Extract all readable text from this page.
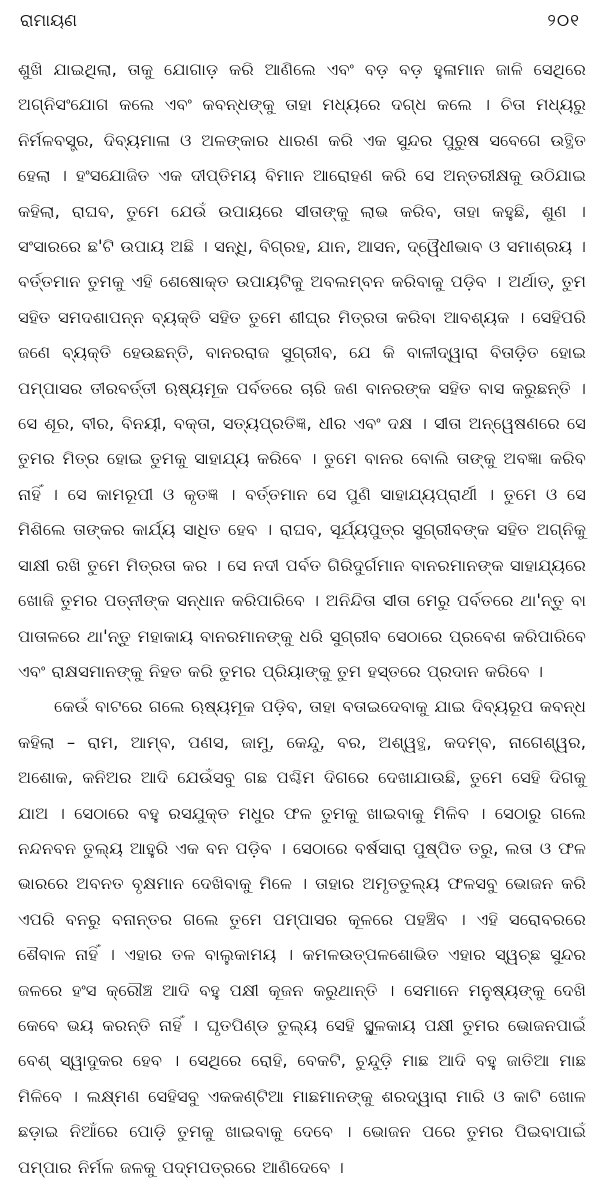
ରାମାୟଣ	୨୦୧

ଶୁଖି ଯାଇଥିଲା, ତାକୁ ଯୋଗାଡ଼ କରି ଆଣିଲେ ଏବଂ ବଡ଼ ବଡ଼ ହୁଳାମାନ ଜାଳି ସେଥିରେ ଅଗ୍ନିସଂଯୋଗ କଲେ ଏବଂ କବନ୍ଧଙ୍କୁ ତାହା ମଧ୍ୟରେ ଦଗ୍ଧ କଲେ । ଚିତା ମଧ୍ୟରୁ ନିର୍ମଳବସ୍ତ୍ର, ଦିବ୍ୟମାଳା ଓ ଅଳଙ୍କାର ଧାରଣ କରି ଏକ ସୁନ୍ଦର ପୁରୁଷ ସବେଗେ ଉତ୍ଥିତ ହେଲା । ହଂସଯୋଜିତ ଏକ ଦୀପ୍ତିମୟ ବିମାନ ଆରୋହଣ କରି ସେ ଅନ୍ତରୀକ୍ଷକୁ ଉଠିଯାଇ କହିଲା, ରାଘବ, ତୁମେ ଯେଉଁ ଉପାୟରେ ସୀତାଙ୍କୁ ଲାଭ କରିବ, ତାହା କହୁଛି, ଶୁଣ । ସଂସାରରେ ଛ'ଟି ଉପାୟ ଅଛି । ସନ୍ଧି, ବିଗ୍ରହ, ଯାନ, ଆସନ, ଦ୍ୱୈଧୀଭାବ ଓ ସମାଶ୍ରୟ । ବର୍ତ୍ତମାନ ତୁମକୁ ଏହି ଶେଷୋକ୍ତ ଉପାୟଟିକୁ ଅବଲମ୍ବନ କରିବାକୁ ପଡ଼ିବ । ଅର୍ଥାତ୍, ତୁମ ସହିତ ସମଦଶାପନ୍ନ ବ୍ୟକ୍ତି ସହିତ ତୁମେ ଶୀଘ୍ର ମିତ୍ରତା କରିବା ଆବଶ୍ୟକ । ସେହିପରି ଜଣେ ବ୍ୟକ୍ତି ହେଉଛନ୍ତି, ବାନରରାଜ ସୁଗ୍ରୀବ, ଯେ କି ବାଳୀଦ୍ୱାରା ବିତାଡ଼ିତ ହୋଇ ପମ୍ପାସର ତୀରବର୍ତ୍ତୀ ଋଷ୍ୟମୂକ ପର୍ବତରେ ଚାରି ଜଣ ବାନରଙ୍କ ସହିତ ବାସ କରୁଛନ୍ତି । ସେ ଶୂର, ବୀର, ବିନୟୀ, ବକ୍ତା, ସତ୍ୟପ୍ରତିଜ୍ଞ, ଧୀର ଏବଂ ଦକ୍ଷ । ସୀତା ଅନ୍ୱେଷଣରେ ସେ ତୁମର ମିତ୍ର ହୋଇ ତୁମକୁ ସାହାଯ୍ୟ କରିବେ । ତୁମେ ବାନର ବୋଲି ତାଙ୍କୁ ଅବଜ୍ଞା କରିବ ନାହିଁ । ସେ କାମରୂପୀ ଓ କୃତଜ୍ଞ । ବର୍ତ୍ତମାନ ସେ ପୁଣି ସାହାଯ୍ୟପ୍ରାର୍ଥୀ । ତୁମେ ଓ ସେ ମିଶିଲେ ତାଙ୍କର କାର୍ଯ୍ୟ ସାଧିତ ହେବ । ରାଘବ, ସୂର୍ଯ୍ୟପୁତ୍ର ସୁଗ୍ରୀବଙ୍କ ସହିତ ଅଗ୍ନିକୁ ସାକ୍ଷୀ ରଖି ତୁମେ ମିତ୍ରତା କର । ସେ ନଦୀ ପର୍ବତ ଗିରିଦୁର୍ଗମାନ ବାନରମାନଙ୍କ ସାହାଯ୍ୟରେ ଖୋଜି ତୁମର ପତ୍ନୀଙ୍କ ସନ୍ଧାନ କରିପାରିବେ । ଅନିନ୍ଦିତା ସୀତା ମେରୁ ପର୍ବତରେ ଥା'ନ୍ତୁ ବା ପାତାଳରେ ଥା'ନ୍ତୁ ମହାକାୟ ବାନରମାନଙ୍କୁ ଧରି ସୁଗ୍ରୀବ ସେଠାରେ ପ୍ରବେଶ କରିପାରିବେ ଏବଂ ରାକ୍ଷସମାନଙ୍କୁ ନିହତ କରି ତୁମର ପ୍ରିୟାଙ୍କୁ ତୁମ ହସ୍ତରେ ପ୍ରଦାନ କରିବେ ।

କେଉଁ ବାଟରେ ଗଲେ ଋଷ୍ୟମୂକ ପଡ଼ିବ, ତାହା ବତାଇଦେବାକୁ ଯାଇ ଦିବ୍ୟରୂପ କବନ୍ଧ କହିଲା – ରାମ, ଆମ୍ବ, ପଣସ, ଜାମୁ, କେନ୍ଦୁ, ବର, ଅଶ୍ୱତ୍ଥ, କଦମ୍ବ, ନାଗେଶ୍ୱର, ଅଶୋକ, କନିଅର ଆଦି ଯେଉଁସବୁ ଗଛ ପଶ୍ଚିମ ଦିଗରେ ଦେଖାଯାଉଛି, ତୁମେ ସେହି ଦିଗକୁ ଯାଅ । ସେଠାରେ ବହୁ ରସଯୁକ୍ତ ମଧୁର ଫଳ ତୁମକୁ ଖାଇବାକୁ ମିଳିବ । ସେଠାରୁ ଗଲେ ନନ୍ଦନବନ ତୁଲ୍ୟ ଆହୁରି ଏକ ବନ ପଡ଼ିବ । ସେଠାରେ ବର୍ଷସାରା ପୁଷ୍ପିତ ତରୁ, ଲତା ଓ ଫଳ ଭାରରେ ଅବନତ ବୃକ୍ଷମାନ ଦେଖିବାକୁ ମିଳେ । ତାହାର ଅମୃତତୁଲ୍ୟ ଫଳସବୁ ଭୋଜନ କରି ଏପରି ବନରୁ ବନାନ୍ତର ଗଲେ ତୁମେ ପମ୍ପାସର କୂଳରେ ପହଞ୍ଚିବ । ଏହି ସରୋବରରେ ଶୈବାଳ ନାହିଁ । ଏହାର ତଳ ବାଲୁକାମୟ । କମଳଉତ୍ପଳଶୋଭିତ ଏହାର ସ୍ୱଚ୍ଛ ସୁନ୍ଦର ଜଳରେ ହଂସ କ୍ରୌଞ୍ଚ ଆଦି ବହୁ ପକ୍ଷୀ କୂଜନ କରୁଥାନ୍ତି । ସେମାନେ ମନୁଷ୍ୟଙ୍କୁ ଦେଖି କେବେ ଭୟ କରନ୍ତି ନାହିଁ । ଘୃତପିଣ୍ଡ ତୁଲ୍ୟ ସେହି ସ୍ଥୂଳକାୟ ପକ୍ଷୀ ତୁମର ଭୋଜନପାଇଁ ବେଶ୍ ସ୍ୱାଦୁକର ହେବ । ସେଥିରେ ରୋହି, ବେକଟି, ଚୁନ୍ଦୁଡ଼ି ମାଛ ଆଦି ବହୁ ଜାତିଆ ମାଛ ମିଳିବେ । ଲକ୍ଷ୍ମଣ ସେହିସବୁ ଏକକଣ୍ଟିଆ ମାଛମାନଙ୍କୁ ଶରଦ୍ୱାରା ମାରି ଓ କାଟି ଖୋଳ ଛଡ଼ାଇ ନିଆଁରେ ପୋଡ଼ି ତୁମକୁ ଖାଇବାକୁ ଦେବେ । ଭୋଜନ ପରେ ତୁମର ପିଇବାପାଇଁ ପମ୍ପାର ନିର୍ମଳ ଜଳକୁ ପଦ୍ମପତ୍ରରେ ଆଣିଦେବେ ।
